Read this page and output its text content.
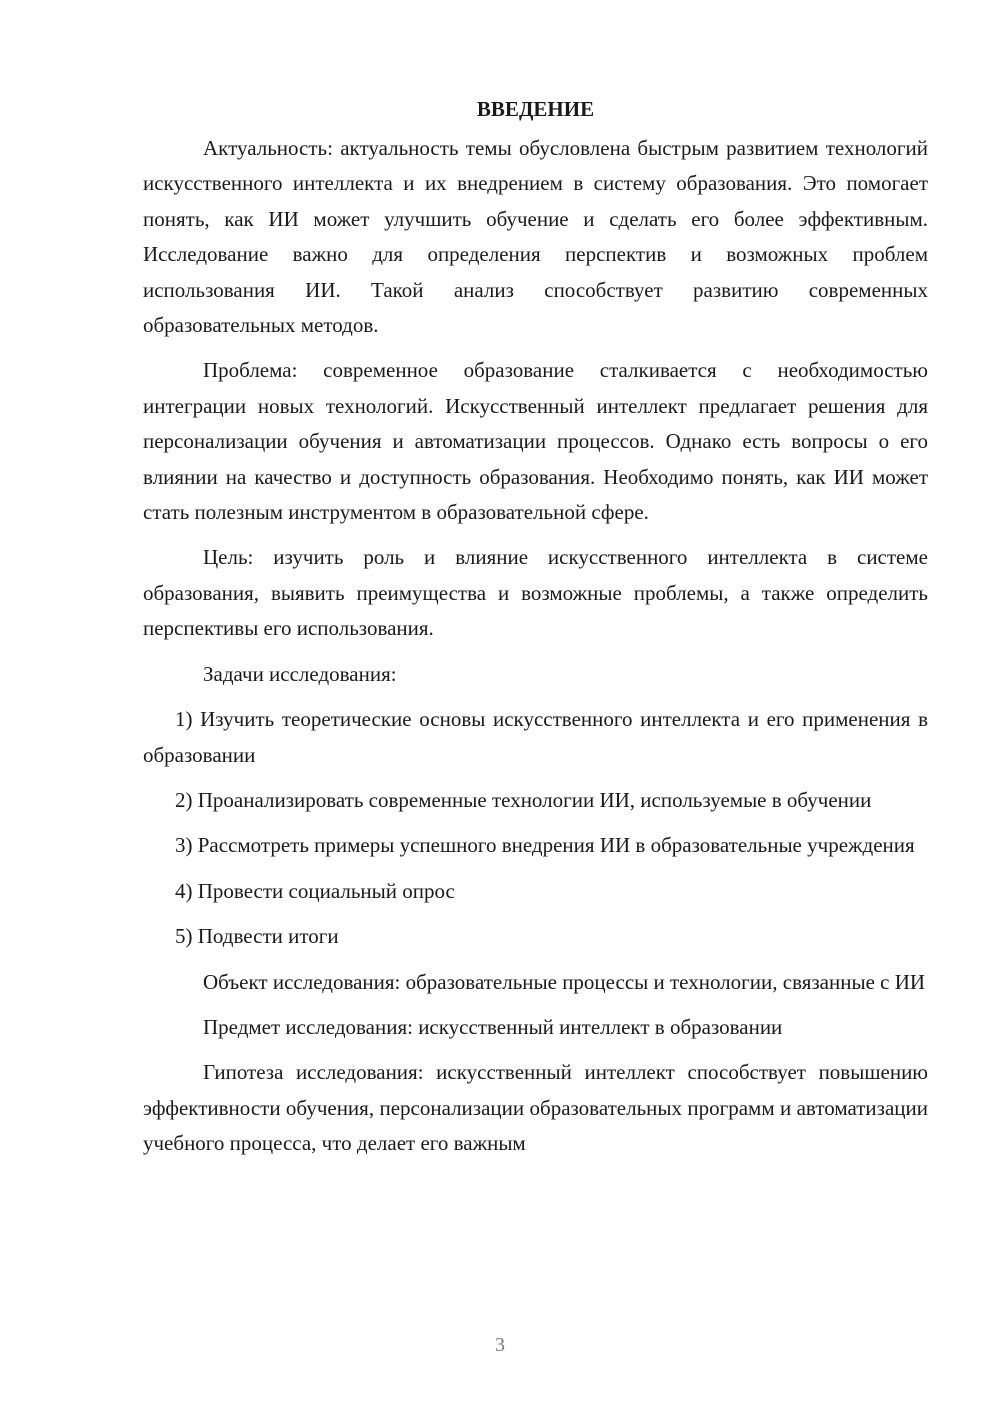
ВВЕДЕНИЕ

Актуальность: актуальность темы обусловлена быстрым развитием технологий искусственного интеллекта и их внедрением в систему образования. Это помогает понять, как ИИ может улучшить обучение и сделать его более эффективным. Исследование важно для определения перспектив и возможных проблем использования ИИ. Такой анализ способствует развитию современных образовательных методов.

Проблема: современное образование сталкивается с необходимостью интеграции новых технологий. Искусственный интеллект предлагает решения для персонализации обучения и автоматизации процессов. Однако есть вопросы о его влиянии на качество и доступность образования. Необходимо понять, как ИИ может стать полезным инструментом в образовательной сфере.

Цель: изучить роль и влияние искусственного интеллекта в системе образования, выявить преимущества и возможные проблемы, а также определить перспективы его использования.

Задачи исследования:

1) Изучить теоретические основы искусственного интеллекта и его применения в образовании

2) Проанализировать современные технологии ИИ, используемые в обучении

3) Рассмотреть примеры успешного внедрения ИИ в образовательные учреждения

4) Провести социальный опрос

5) Подвести итоги

Объект исследования: образовательные процессы и технологии, связанные с ИИ

Предмет исследования: искусственный интеллект в образовании

Гипотеза исследования: искусственный интеллект способствует повышению эффективности обучения, персонализации образовательных программ и автоматизации учебного процесса, что делает его важным

3
